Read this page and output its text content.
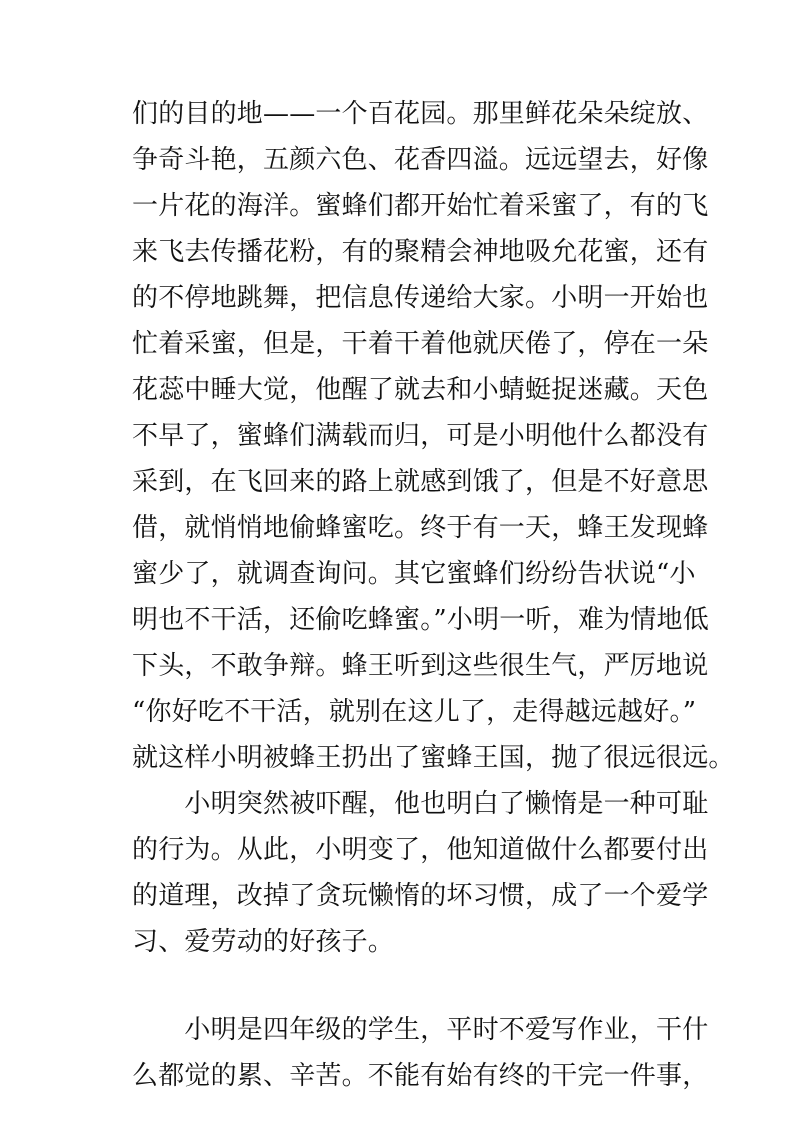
们的目的地——一个百花园。那里鲜花朵朵绽放、
争奇斗艳，五颜六色、花香四溢。远远望去，好像
一片花的海洋。蜜蜂们都开始忙着采蜜了，有的飞
来飞去传播花粉，有的聚精会神地吸允花蜜，还有
的不停地跳舞，把信息传递给大家。小明一开始也
忙着采蜜，但是，干着干着他就厌倦了，停在一朵
花蕊中睡大觉，他醒了就去和小蜻蜓捉迷藏。天色
不早了，蜜蜂们满载而归，可是小明他什么都没有
采到，在飞回来的路上就感到饿了，但是不好意思
借，就悄悄地偷蜂蜜吃。终于有一天，蜂王发现蜂
蜜少了，就调查询问。其它蜜蜂们纷纷告状说“小
明也不干活，还偷吃蜂蜜。”小明一听，难为情地低
下头，不敢争辩。蜂王听到这些很生气，严厉地说
“你好吃不干活，就别在这儿了，走得越远越好。”
就这样小明被蜂王扔出了蜜蜂王国，抛了很远很远。
　　小明突然被吓醒，他也明白了懒惰是一种可耻
的行为。从此，小明变了，他知道做什么都要付出
的道理，改掉了贪玩懒惰的坏习惯，成了一个爱学
习、爱劳动的好孩子。
　　小明是四年级的学生，平时不爱写作业，干什
么都觉的累、辛苦。不能有始有终的干完一件事，
